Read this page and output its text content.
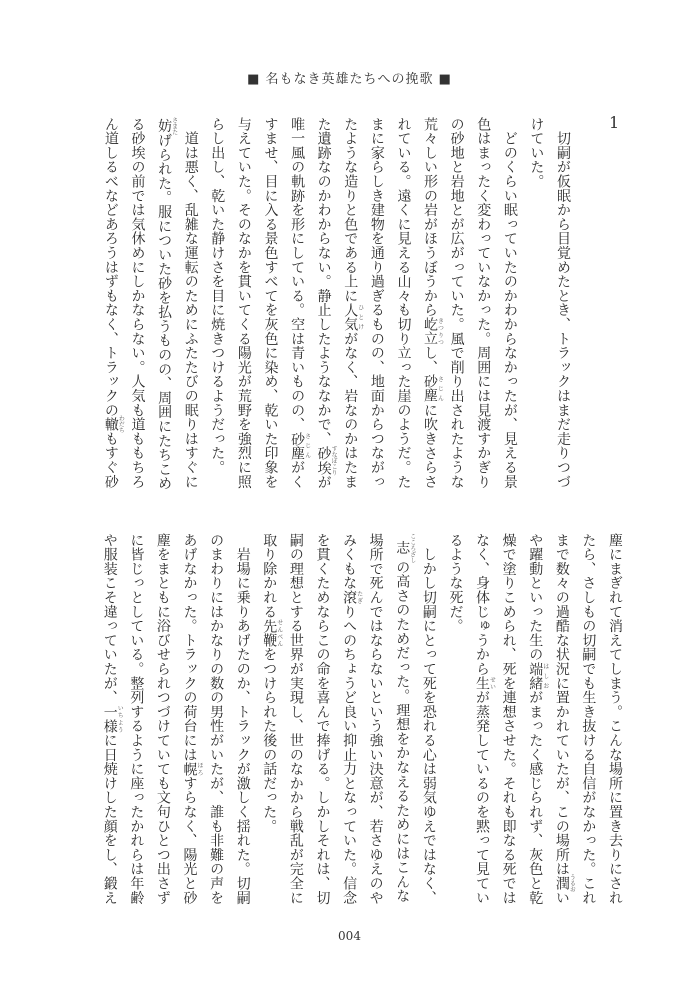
■ 名もなき英雄たちへの挽歌 ■
1
　切嗣が仮眠から目覚めたとき、トラックはまだ走りつづ
けていた。
　どのくらい眠っていたのかわからなかったが、見える景
色はまったく変わっていなかった。周囲には見渡すかぎり
の砂地と岩地とが広がっていた。風で削り出されたような
荒々しい形の岩がほうぼうから屹立きつりつし、砂塵さじんに吹きさらさ
れている。遠くに見える山々も切り立った崖のようだ。た
まに家らしき建物を通り過ぎるものの、地面からつながっ
たような造りと色である上に人気ひとけがなく、岩なのかはたま
た遺跡なのかわからない。静止したようななかで、砂埃すなぼこりが
唯一風の軌跡を形にしている。空は青いものの、砂塵さじんがく
すませ、目に入る景色すべてを灰色に染め、乾いた印象を
与えていた。そのなかを貫いてくる陽光が荒野を強烈に照
らし出し、乾いた静けさを目に焼きつけるようだった。
　道は悪く、乱雑な運転のためにふたたびの眠りはすぐに
妨さまたげられた。服についた砂を払うものの、周囲にたちこめ
る砂埃の前では気休めにしかならない。人気も道ももちろ
ん道しるべなどあろうはずもなく、トラックの轍わだちもすぐ砂
塵にまぎれて消えてしまう。こんな場所に置き去りにされ
たら、さしもの切嗣でも生き抜ける自信がなかった。これ
まで数々の過酷な状況に置かれていたが、この場所は潤うるおい
や躍動といった生の端緒はしおがまったく感じられず、灰色と乾
燥で塗りこめられ、死を連想させた。それも即なる死では
なく、身体じゅうから生せいが蒸発しているのを黙って見てい
るような死だ。
　しかし切嗣にとって死を恐れる心は弱気ゆえではなく、
志こころざしの高さのためだった。理想をかなえるためにはこんな
場所で死んではならないという強い決意が、若さゆえのや
みくもな滾たぎりへのちょうど良い抑止力となっていた。信念
を貫くためならこの命を喜んで捧げる。しかしそれは、切
嗣の理想とする世界が実現し、世のなかから戦乱が完全に
取り除かれる先鞭せんべんをつけられた後の話だった。
　岩場に乗りあげたのか、トラックが激しく揺れた。切嗣
のまわりにはかなりの数の男性がいたが、誰も非難の声を
あげなかった。トラックの荷台には幌ほろすらなく、陽光と砂
塵をまともに浴びせられつづけていても文句ひとつ出さず
に皆じっとしている。整列するように座ったかれらは年齢
や服装こそ違っていたが、一様いちように日焼けした顔をし、鍛え
004
